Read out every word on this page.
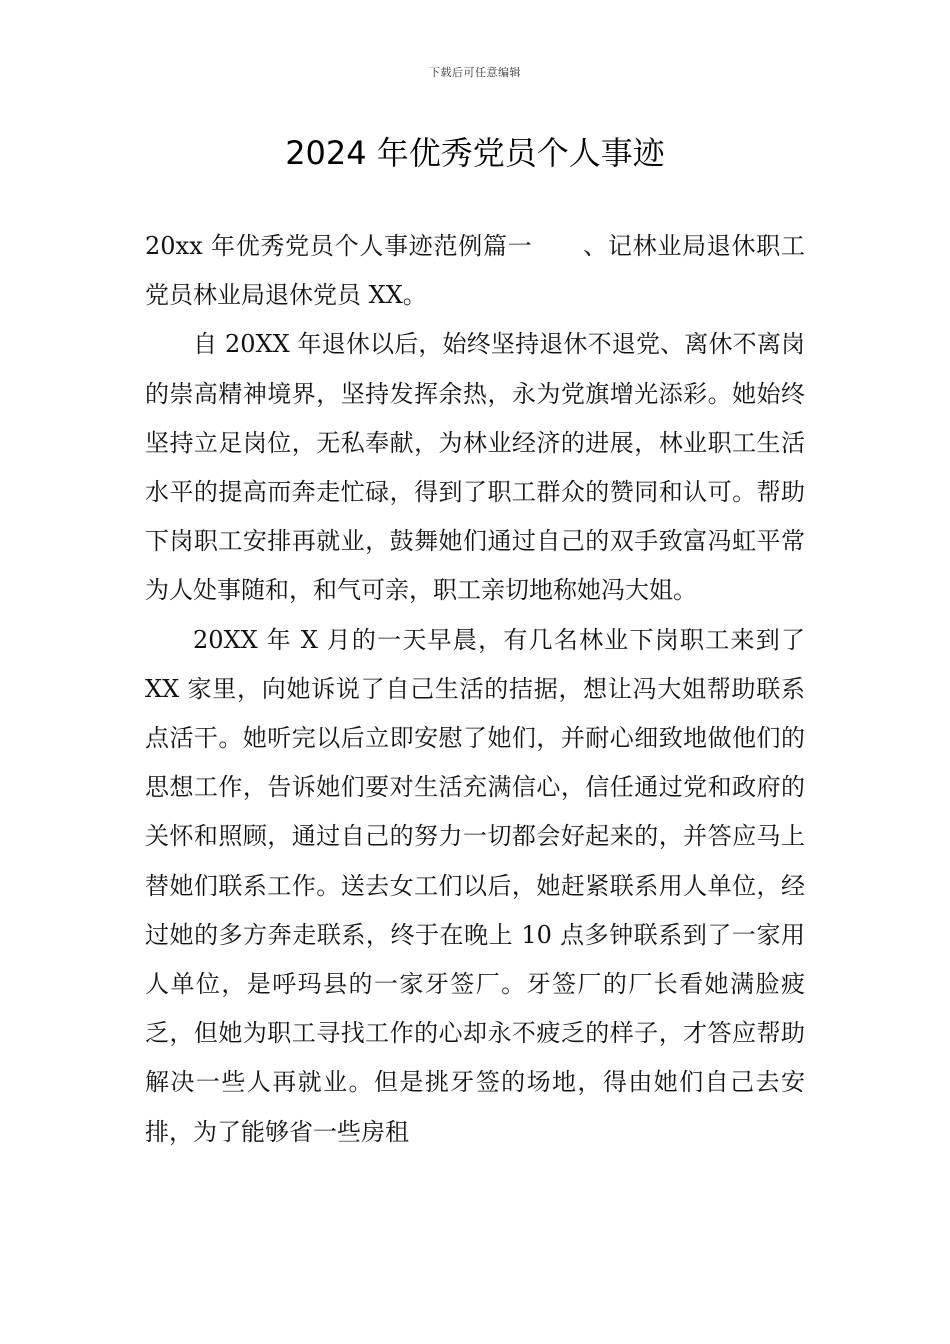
下载后可任意编辑
2024 年优秀党员个人事迹

20xx 年优秀党员个人事迹范例篇一 、记林业局退休职工党员林业局退休党员 XX。

自 20XX 年退休以后，始终坚持退休不退党、离休不离岗的崇高精神境界，坚持发挥余热，永为党旗增光添彩。她始终坚持立足岗位，无私奉献，为林业经济的进展，林业职工生活水平的提高而奔走忙碌，得到了职工群众的赞同和认可。帮助下岗职工安排再就业，鼓舞她们通过自己的双手致富冯虹平常为人处事随和，和气可亲，职工亲切地称她冯大姐。

20XX 年 X 月的一天早晨，有几名林业下岗职工来到了 XX 家里，向她诉说了自己生活的拮据，想让冯大姐帮助联系点活干。她听完以后立即安慰了她们，并耐心细致地做他们的思想工作，告诉她们要对生活充满信心，信任通过党和政府的关怀和照顾，通过自己的努力一切都会好起来的，并答应马上替她们联系工作。送去女工们以后，她赶紧联系用人单位，经过她的多方奔走联系，终于在晚上 10 点多钟联系到了一家用人单位，是呼玛县的一家牙签厂。牙签厂的厂长看她满脸疲乏，但她为职工寻找工作的心却永不疲乏的样子，才答应帮助解决一些人再就业。但是挑牙签的场地，得由她们自己去安排，为了能够省一些房租
